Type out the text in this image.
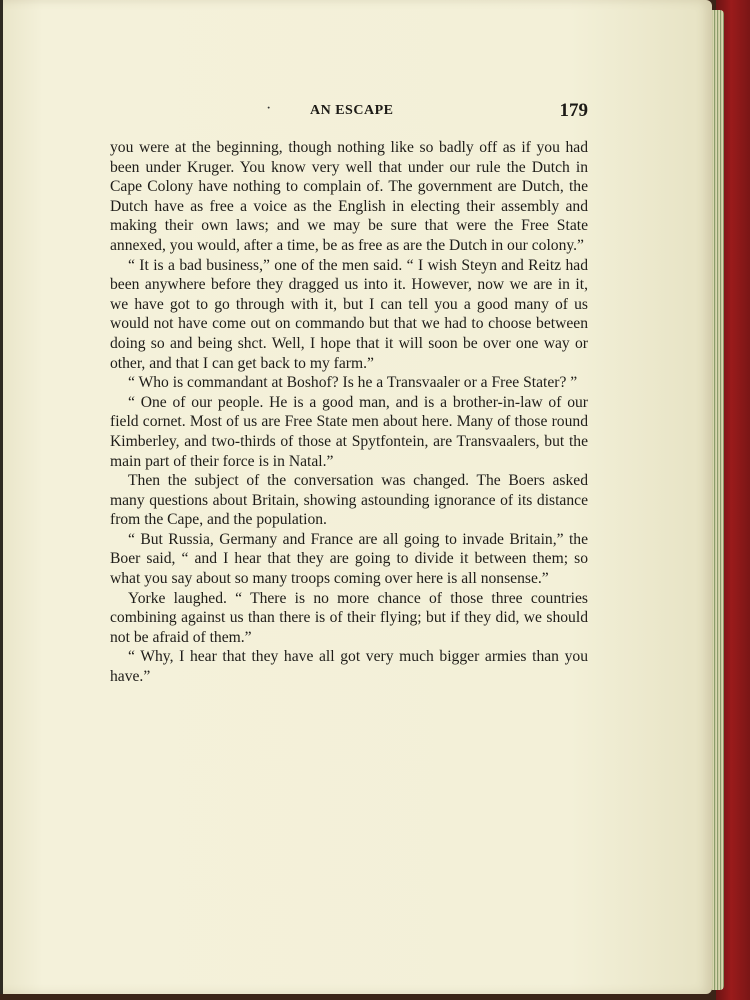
·	AN ESCAPE	179

you were at the beginning, though nothing like so badly off as if you had been under Kruger. You know very well that under our rule the Dutch in Cape Colony have nothing to complain of. The government are Dutch, the Dutch have as free a voice as the English in electing their assembly and making their own laws; and we may be sure that were the Free State annexed, you would, after a time, be as free as are the Dutch in our colony.”

“ It is a bad business,” one of the men said. “ I wish Steyn and Reitz had been anywhere before they dragged us into it. However, now we are in it, we have got to go through with it, but I can tell you a good many of us would not have come out on commando but that we had to choose between doing so and being shct. Well, I hope that it will soon be over one way or other, and that I can get back to my farm.”

“ Who is commandant at Boshof? Is he a Transvaaler or a Free Stater? ”

“ One of our people. He is a good man, and is a brother-in-law of our field cornet. Most of us are Free State men about here. Many of those round Kimberley, and two-thirds of those at Spytfontein, are Transvaalers, but the main part of their force is in Natal.”

Then the subject of the conversation was changed. The Boers asked many questions about Britain, showing astounding ignorance of its distance from the Cape, and the population.

“ But Russia, Germany and France are all going to invade Britain,” the Boer said, “ and I hear that they are going to divide it between them; so what you say about so many troops coming over here is all nonsense.”

Yorke laughed. “ There is no more chance of those three countries combining against us than there is of their flying; but if they did, we should not be afraid of them.”

“ Why, I hear that they have all got very much bigger armies than you have.”
